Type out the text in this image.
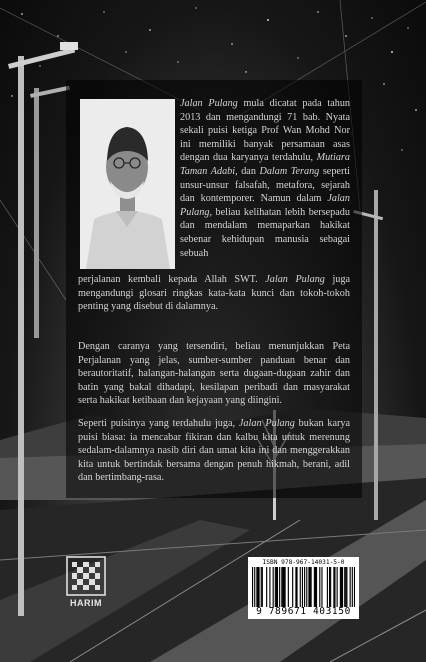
Jalan Pulang mula dicatat pada tahun 2013 dan mengandungi 71 bab. Nyata sekali puisi ketiga Prof Wan Mohd Nor ini memiliki banyak persamaan asas dengan dua karyanya terdahulu, Mutiara Taman Adabi, dan Dalam Terang seperti unsur-unsur falsafah, metafora, sejarah dan kontemporer. Namun dalam Jalan Pulang, beliau kelihatan lebih bersepadu dan mendalam memaparkan hakikat sebenar kehidupan manusia sebagai sebuah

perjalanan kembali kepada Allah SWT. Jalan Pulang juga mengandungi glosari ringkas kata-kata kunci dan tokoh-tokoh penting yang disebut di dalamnya.

Dengan caranya yang tersendiri, beliau menunjukkan Peta Perjalanan yang jelas, sumber-sumber panduan benar dan berautoritatif, halangan-halangan serta dugaan-dugaan zahir dan batin yang bakal dihadapi, kesilapan peribadi dan masyarakat serta hakikat ketibaan dan kejayaan yang diingini.

Seperti puisinya yang terdahulu juga, Jalan Pulang bukan karya puisi biasa: ia mencabar fikiran dan kalbu kita untuk merenung sedalam-dalamnya nasib diri dan umat kita ini dan menggerakkan kita untuk bertindak bersama dengan penuh hikmah, berani, adil dan bertimbang-rasa.

HARIM
ISBN 978-967-14031-5-0
9 789671 403150
